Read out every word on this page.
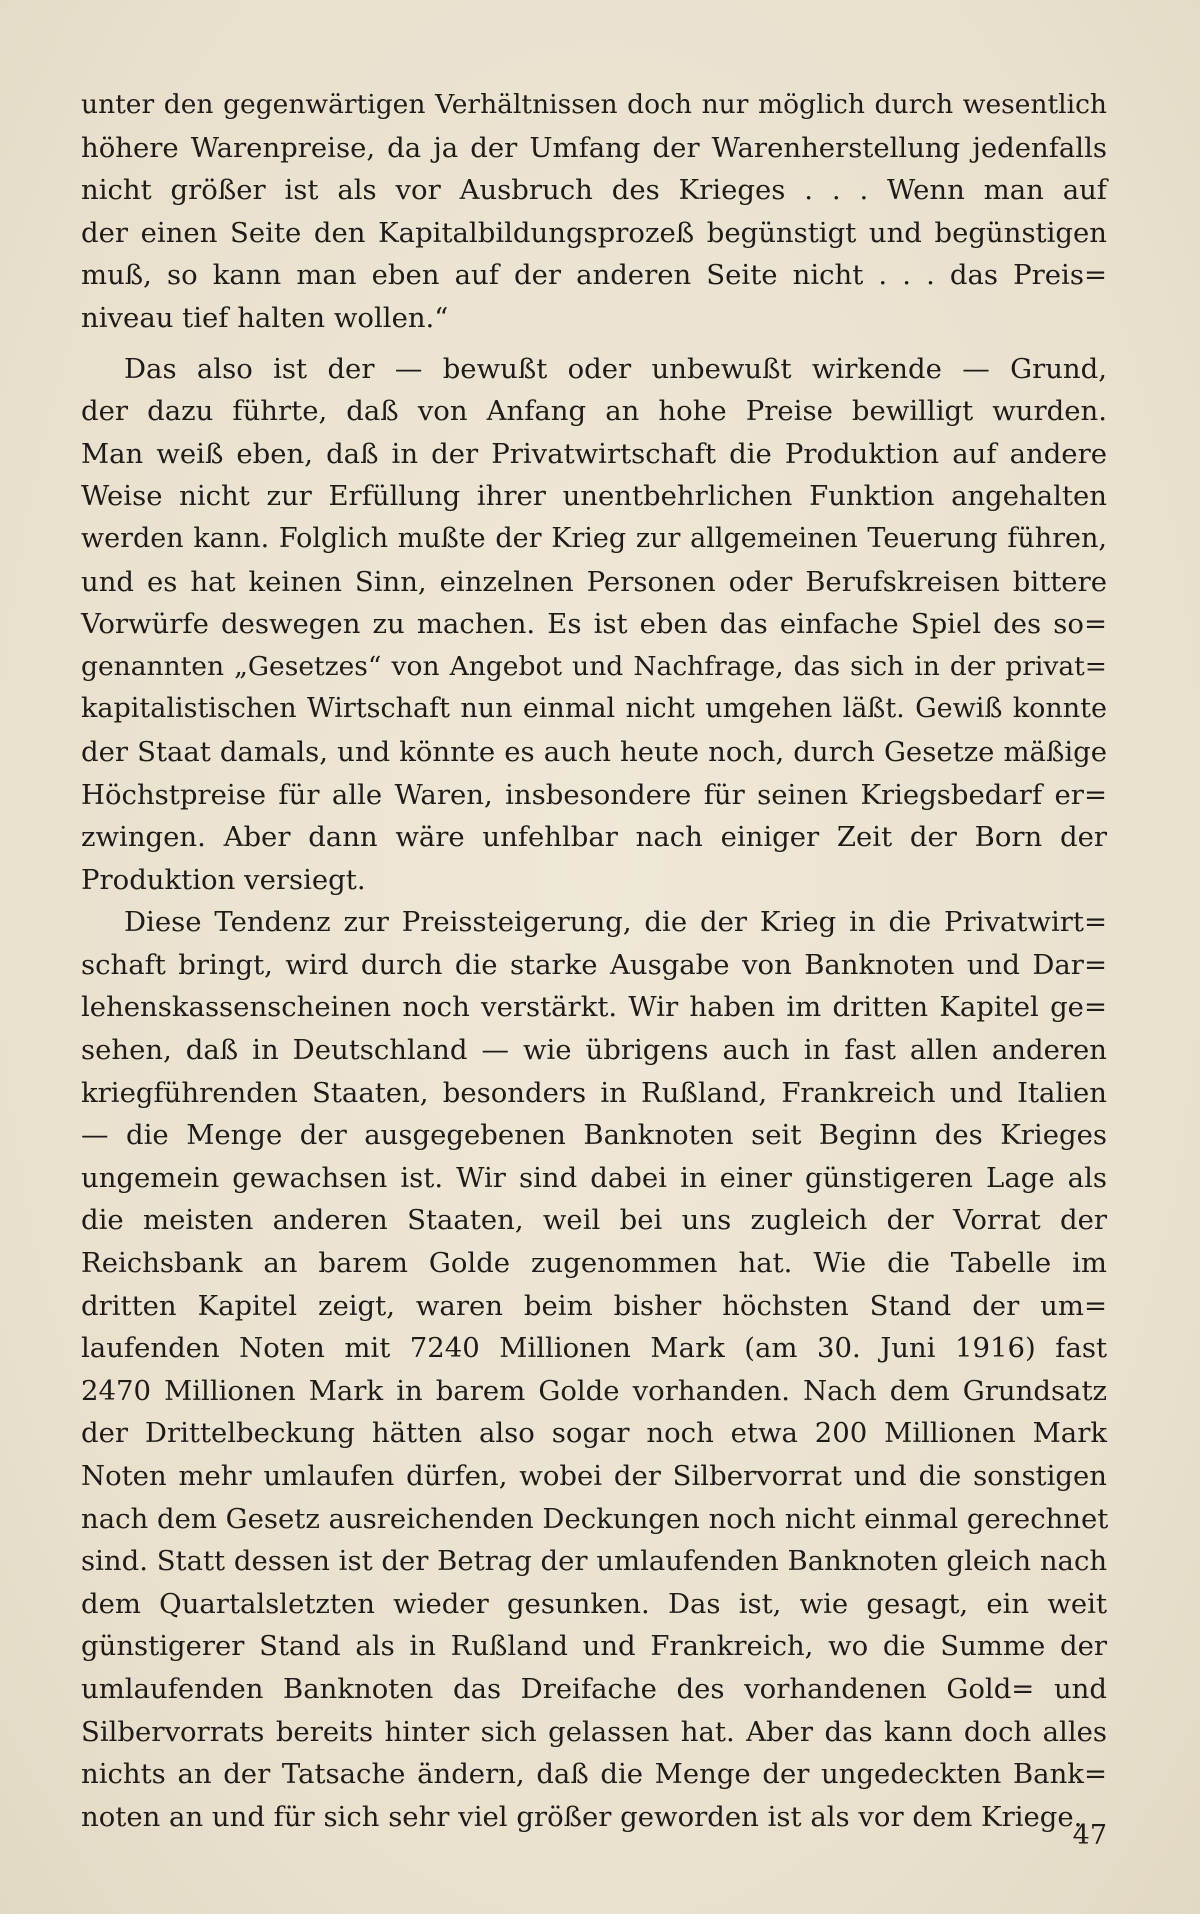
unter den gegenwärtigen Verhältnissen doch nur möglich durch wesentlich
höhere Warenpreise, da ja der Umfang der Warenherstellung jedenfalls
nicht größer ist als vor Ausbruch des Krieges . . . Wenn man auf
der einen Seite den Kapitalbildungsprozeß begünstigt und begünstigen
muß, so kann man eben auf der anderen Seite nicht . . . das Preis=
niveau tief halten wollen.“
Das also ist der — bewußt oder unbewußt wirkende — Grund,
der dazu führte, daß von Anfang an hohe Preise bewilligt wurden.
Man weiß eben, daß in der Privatwirtschaft die Produktion auf andere
Weise nicht zur Erfüllung ihrer unentbehrlichen Funktion angehalten
werden kann. Folglich mußte der Krieg zur allgemeinen Teuerung führen,
und es hat keinen Sinn, einzelnen Personen oder Berufskreisen bittere
Vorwürfe deswegen zu machen. Es ist eben das einfache Spiel des so=
genannten „Gesetzes“ von Angebot und Nachfrage, das sich in der privat=
kapitalistischen Wirtschaft nun einmal nicht umgehen läßt. Gewiß konnte
der Staat damals, und könnte es auch heute noch, durch Gesetze mäßige
Höchstpreise für alle Waren, insbesondere für seinen Kriegsbedarf er=
zwingen. Aber dann wäre unfehlbar nach einiger Zeit der Born der
Produktion versiegt.
Diese Tendenz zur Preissteigerung, die der Krieg in die Privatwirt=
schaft bringt, wird durch die starke Ausgabe von Banknoten und Dar=
lehenskassenscheinen noch verstärkt. Wir haben im dritten Kapitel ge=
sehen, daß in Deutschland — wie übrigens auch in fast allen anderen
kriegführenden Staaten, besonders in Rußland, Frankreich und Italien
— die Menge der ausgegebenen Banknoten seit Beginn des Krieges
ungemein gewachsen ist. Wir sind dabei in einer günstigeren Lage als
die meisten anderen Staaten, weil bei uns zugleich der Vorrat der
Reichsbank an barem Golde zugenommen hat. Wie die Tabelle im
dritten Kapitel zeigt, waren beim bisher höchsten Stand der um=
laufenden Noten mit 7240 Millionen Mark (am 30. Juni 1916) fast
2470 Millionen Mark in barem Golde vorhanden. Nach dem Grundsatz
der Drittelbeckung hätten also sogar noch etwa 200 Millionen Mark
Noten mehr umlaufen dürfen, wobei der Silbervorrat und die sonstigen
nach dem Gesetz ausreichenden Deckungen noch nicht einmal gerechnet
sind. Statt dessen ist der Betrag der umlaufenden Banknoten gleich nach
dem Quartalsletzten wieder gesunken. Das ist, wie gesagt, ein weit
günstigerer Stand als in Rußland und Frankreich, wo die Summe der
umlaufenden Banknoten das Dreifache des vorhandenen Gold= und
Silbervorrats bereits hinter sich gelassen hat. Aber das kann doch alles
nichts an der Tatsache ändern, daß die Menge der ungedeckten Bank=
noten an und für sich sehr viel größer geworden ist als vor dem Kriege.

47
